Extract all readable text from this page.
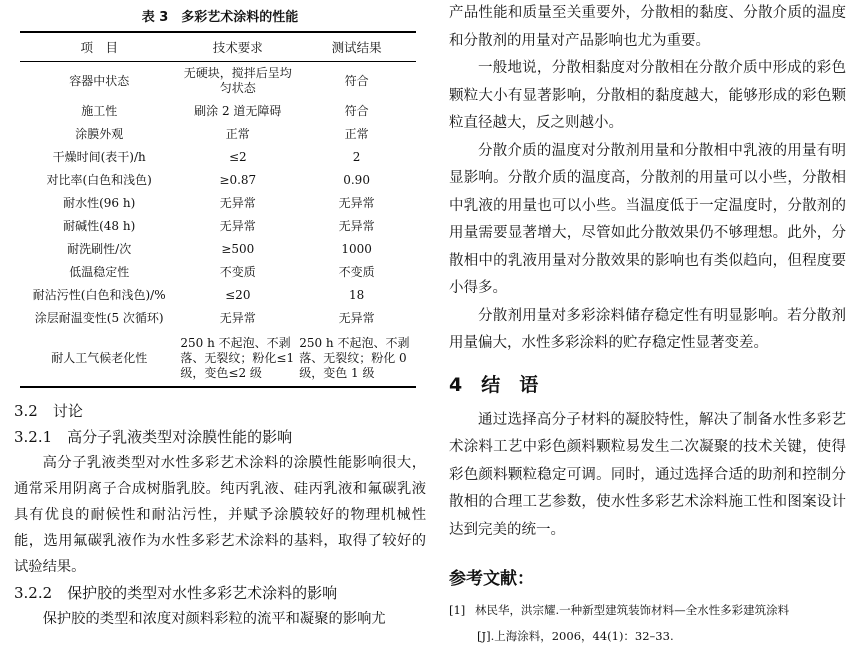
表 3　多彩艺术涂料的性能
项　目	技术要求	测试结果
容器中状态	无硬块，搅拌后呈均匀状态	符合
施工性	刷涂 2 道无障碍	符合
涂膜外观	正常	正常
干燥时间(表干)/h	≤2	2
对比率(白色和浅色)	≥0.87	0.90
耐水性(96 h)	无异常	无异常
耐碱性(48 h)	无异常	无异常
耐洗刷性/次	≥500	1000
低温稳定性	不变质	不变质
耐沾污性(白色和浅色)/%	≤20	18
涂层耐温变性(5 次循环)	无异常	无异常
耐人工气候老化性	250 h 不起泡、不剥落、无裂纹；粉化≤1 级，变色≤2 级	250 h 不起泡、不剥落、无裂纹；粉化 0 级，变色 1 级

3.2　讨论

3.2.1　高分子乳液类型对涂膜性能的影响

高分子乳液类型对水性多彩艺术涂料的涂膜性能影响很大，通常采用阴离子合成树脂乳胶。纯丙乳液、硅丙乳液和氟碳乳液具有优良的耐候性和耐沾污性，并赋予涂膜较好的物理机械性能，选用氟碳乳液作为水性多彩艺术涂料的基料，取得了较好的试验结果。

3.2.2　保护胶的类型对水性多彩艺术涂料的影响

保护胶的类型和浓度对颜料彩粒的流平和凝聚的影响尤

产品性能和质量至关重要外，分散相的黏度、分散介质的温度和分散剂的用量对产品影响也尤为重要。

一般地说，分散相黏度对分散相在分散介质中形成的彩色颗粒大小有显著影响，分散相的黏度越大，能够形成的彩色颗粒直径越大，反之则越小。

分散介质的温度对分散剂用量和分散相中乳液的用量有明显影响。分散介质的温度高，分散剂的用量可以小些，分散相中乳液的用量也可以小些。当温度低于一定温度时，分散剂的用量需要显著增大，尽管如此分散效果仍不够理想。此外，分散相中的乳液用量对分散效果的影响也有类似趋向，但程度要小得多。

分散剂用量对多彩涂料储存稳定性有明显影响。若分散剂用量偏大，水性多彩涂料的贮存稳定性显著变差。

4　结　语

通过选择高分子材料的凝胶特性，解决了制备水性多彩艺术涂料工艺中彩色颜料颗粒易发生二次凝聚的技术关键，使得彩色颜料颗粒稳定可调。同时，通过选择合适的助剂和控制分散相的合理工艺参数，使水性多彩艺术涂料施工性和图案设计达到完美的统一。

参考文献：

[1] 林民华，洪宗耀.一种新型建筑装饰材料—全水性多彩建筑涂料

[J].上海涂料，2006，44(1)：32–33.
